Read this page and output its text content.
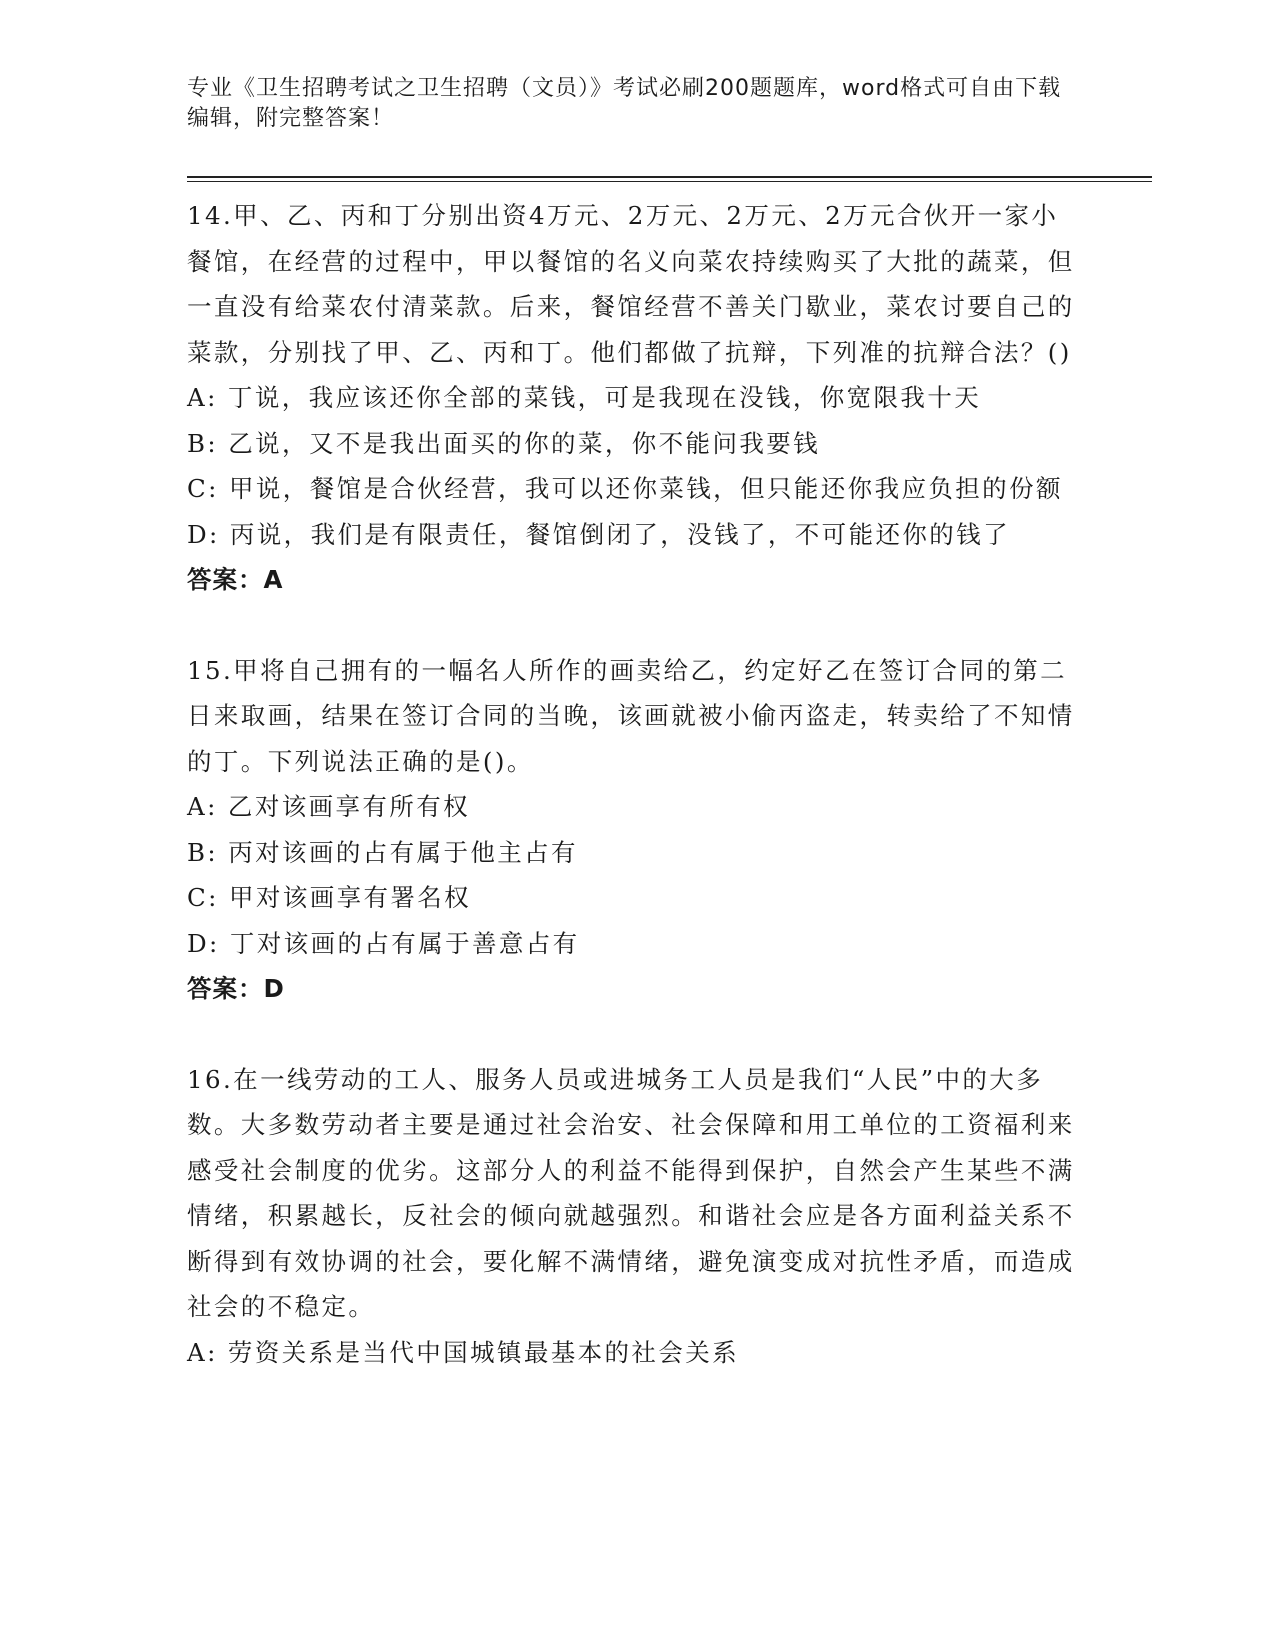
专业《卫生招聘考试之卫生招聘（文员）》考试必刷200题题库，word格式可自由下载编辑，附完整答案！

14.甲、乙、丙和丁分别出资4万元、2万元、2万元、2万元合伙开一家小餐馆，在经营的过程中，甲以餐馆的名义向菜农持续购买了大批的蔬菜，但一直没有给菜农付清菜款。后来，餐馆经营不善关门歇业，菜农讨要自己的菜款，分别找了甲、乙、丙和丁。他们都做了抗辩，下列准的抗辩合法？()

A: 丁说，我应该还你全部的菜钱，可是我现在没钱，你宽限我十天

B: 乙说，又不是我出面买的你的菜，你不能问我要钱

C: 甲说，餐馆是合伙经营，我可以还你菜钱，但只能还你我应负担的份额

D: 丙说，我们是有限责任，餐馆倒闭了，没钱了，不可能还你的钱了

答案：A

15.甲将自己拥有的一幅名人所作的画卖给乙，约定好乙在签订合同的第二日来取画，结果在签订合同的当晚，该画就被小偷丙盗走，转卖给了不知情的丁。下列说法正确的是()。

A: 乙对该画享有所有权

B: 丙对该画的占有属于他主占有

C: 甲对该画享有署名权

D: 丁对该画的占有属于善意占有

答案：D

16.在一线劳动的工人、服务人员或进城务工人员是我们“人民”中的大多数。大多数劳动者主要是通过社会治安、社会保障和用工单位的工资福利来感受社会制度的优劣。这部分人的利益不能得到保护，自然会产生某些不满情绪，积累越长，反社会的倾向就越强烈。和谐社会应是各方面利益关系不断得到有效协调的社会，要化解不满情绪，避免演变成对抗性矛盾，而造成社会的不稳定。

A: 劳资关系是当代中国城镇最基本的社会关系
